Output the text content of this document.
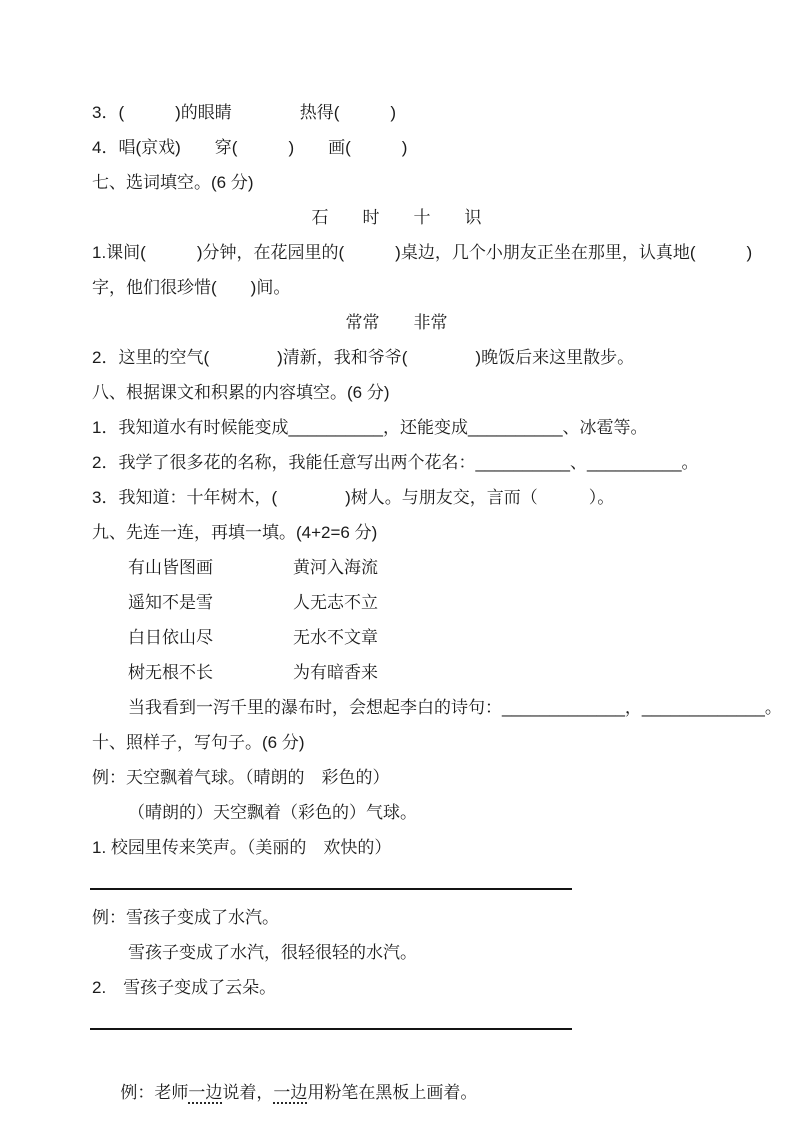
3．(　　　)的眼睛　　　　热得(　　　)
4．唱(京戏)　　穿(　　　)　　画(　　　)
七、选词填空。(6 分)
石　　时　　十　　识
1.课间(　　　)分钟，在花园里的(　　　)桌边，几个小朋友正坐在那里，认真地(　　　)
字，他们很珍惜(　　)间。
常常　　非常
2．这里的空气(　　　　)清新，我和爷爷(　　　　)晚饭后来这里散步。
八、根据课文和积累的内容填空。(6 分)
1．我知道水有时候能变成__________，还能变成__________、冰雹等。
2．我学了很多花的名称，我能任意写出两个花名：__________、__________。
3．我知道：十年树木，(　　　　)树人。与朋友交，言而（　　　）。
九、先连一连，再填一填。(4+2=6 分)
有山皆图画	黄河入海流
遥知不是雪	人无志不立
白日依山尽	无水不文章
树无根不长	为有暗香来
当我看到一泻千里的瀑布时，会想起李白的诗句：_____________，_____________。
十、照样子，写句子。(6 分)
例：天空飘着气球。（晴朗的　彩色的）
（晴朗的）天空飘着（彩色的）气球。
1. 校园里传来笑声。（美丽的　欢快的）
例：雪孩子变成了水汽。
雪孩子变成了水汽，很轻很轻的水汽。
2.　雪孩子变成了云朵。

例：老师一边说着，一边用粉笔在黑板上画着。
